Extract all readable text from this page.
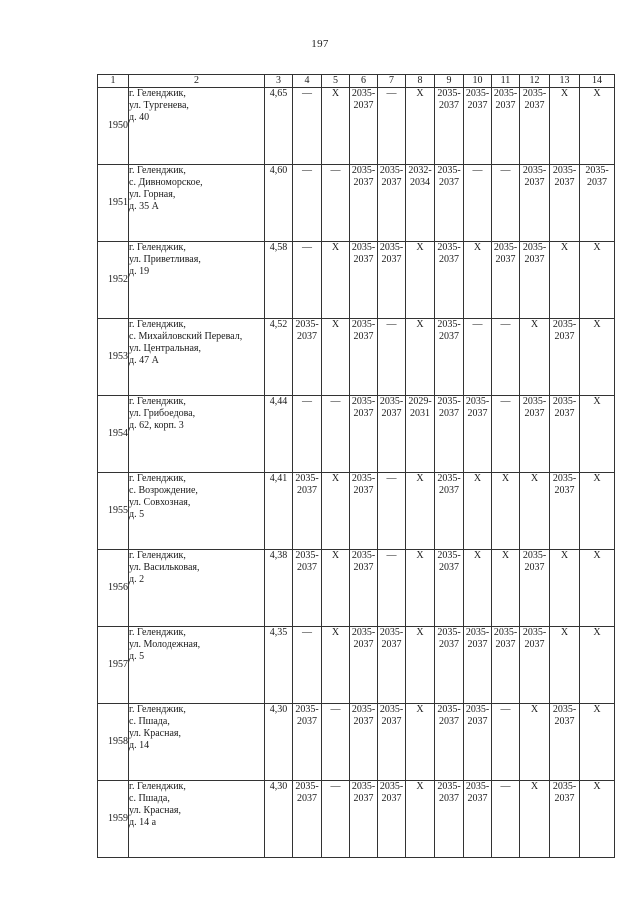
197
1	2	3	4	5	6	7	8	9	10	11	12	13	14
1950	г. Геленджик,
ул. Тургенева,
д. 40	4,65	—	X	2035-
2037	—	X	2035-
2037	2035-
2037	2035-
2037	2035-
2037	X	X
1951	г. Геленджик,
с. Дивноморское,
ул. Горная,
д. 35 А	4,60	—	—	2035-
2037	2035-
2037	2032-
2034	2035-
2037	—	—	2035-
2037	2035-
2037	2035-
2037
1952	г. Геленджик,
ул. Приветливая,
д. 19	4,58	—	X	2035-
2037	2035-
2037	X	2035-
2037	X	2035-
2037	2035-
2037	X	X
1953	г. Геленджик,
с. Михайловский Перевал,
ул. Центральная,
д. 47 А	4,52	2035-
2037	X	2035-
2037	—	X	2035-
2037	—	—	X	2035-
2037	X
1954	г. Геленджик,
ул. Грибоедова,
д. 62, корп. 3	4,44	—	—	2035-
2037	2035-
2037	2029-
2031	2035-
2037	2035-
2037	—	2035-
2037	2035-
2037	X
1955	г. Геленджик,
с. Возрождение,
ул. Совхозная,
д. 5	4,41	2035-
2037	X	2035-
2037	—	X	2035-
2037	X	X	X	2035-
2037	X
1956	г. Геленджик,
ул. Васильковая,
д. 2	4,38	2035-
2037	X	2035-
2037	—	X	2035-
2037	X	X	2035-
2037	X	X
1957	г. Геленджик,
ул. Молодежная,
д. 5	4,35	—	X	2035-
2037	2035-
2037	X	2035-
2037	2035-
2037	2035-
2037	2035-
2037	X	X
1958	г. Геленджик,
с. Пшада,
ул. Красная,
д. 14	4,30	2035-
2037	—	2035-
2037	2035-
2037	X	2035-
2037	2035-
2037	—	X	2035-
2037	X
1959	г. Геленджик,
с. Пшада,
ул. Красная,
д. 14 а	4,30	2035-
2037	—	2035-
2037	2035-
2037	X	2035-
2037	2035-
2037	—	X	2035-
2037	X
